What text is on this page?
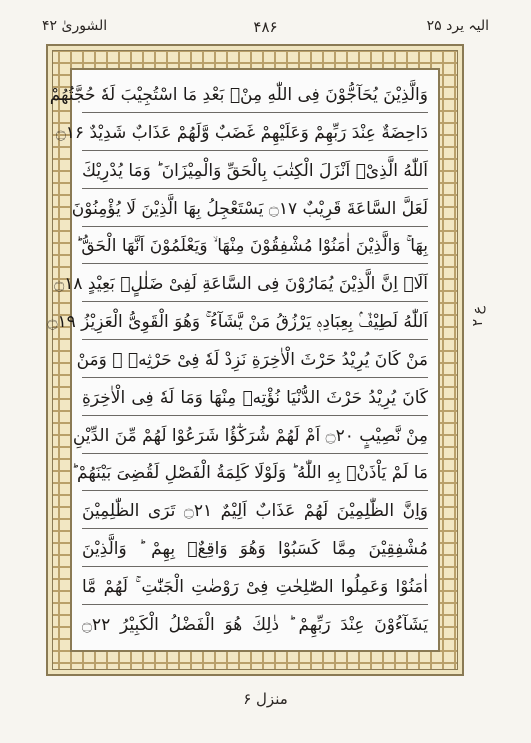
الشوریٰ ۴۲	۴۸۶	الیہ یرد ۲۵
وَالَّذِیْنَ یُحَآجُّوْنَ فِی اللّٰهِ مِنْۢ بَعْدِ مَا اسْتُجِیْبَ لَهٗ حُجَّتُهُمْ
دَاحِضَةٌ عِنْدَ رَبِّهِمْ وَعَلَیْهِمْ غَضَبٌ وَّلَهُمْ عَذَابٌ شَدِیْدٌ ۝۱۶
اَللّٰهُ الَّذِیْۤ اَنْزَلَ الْكِتٰبَ بِالْحَقِّ وَالْمِیْزَانَ ؕ وَمَا یُدْرِیْكَ
لَعَلَّ السَّاعَةَ قَرِیْبٌ ۝۱۷ یَسْتَعْجِلُ بِهَا الَّذِیْنَ لَا یُؤْمِنُوْنَ
بِهَا ۚ وَالَّذِیْنَ اٰمَنُوْا مُشْفِقُوْنَ مِنْهَا ۙ وَیَعْلَمُوْنَ اَنَّهَا الْحَقُّ ؕ
اَلَاۤ اِنَّ الَّذِیْنَ یُمَارُوْنَ فِی السَّاعَةِ لَفِیْ ضَلٰلٍۭ بَعِیْدٍ ۝۱۸
اَللّٰهُ لَطِیْفٌۢ بِعِبَادِهٖ یَرْزُقُ مَنْ یَّشَآءُ ۚ وَهُوَ الْقَوِیُّ الْعَزِیْزُ ۝۱۹
مَنْ كَانَ یُرِیْدُ حَرْثَ الْاٰخِرَةِ نَزِدْ لَهٗ فِیْ حَرْثِهٖ ۚ وَمَنْ
كَانَ یُرِیْدُ حَرْثَ الدُّنْیَا نُؤْتِهٖ مِنْهَا وَمَا لَهٗ فِی الْاٰخِرَةِ
مِنْ نَّصِیْبٍ ۝۲۰ اَمْ لَهُمْ شُرَكٰٓؤُا شَرَعُوْا لَهُمْ مِّنَ الدِّیْنِ
مَا لَمْ یَاْذَنْۢ بِهِ اللّٰهُ ؕ وَلَوْلَا كَلِمَةُ الْفَصْلِ لَقُضِیَ بَیْنَهُمْ ؕ
وَاِنَّ الظّٰلِمِیْنَ لَهُمْ عَذَابٌ اَلِیْمٌ ۝۲۱ تَرَى الظّٰلِمِیْنَ
مُشْفِقِیْنَ مِمَّا كَسَبُوْا وَهُوَ وَاقِعٌۢ بِهِمْ ؕ وَالَّذِیْنَ
اٰمَنُوْا وَعَمِلُوا الصّٰلِحٰتِ فِیْ رَوْضٰتِ الْجَنّٰتِ ۚ لَهُمْ مَّا
یَشَآءُوْنَ عِنْدَ رَبِّهِمْ ؕ ذٰلِكَ هُوَ الْفَضْلُ الْكَبِیْرُ ۝۲۲
ع ۲
منزل ۶
